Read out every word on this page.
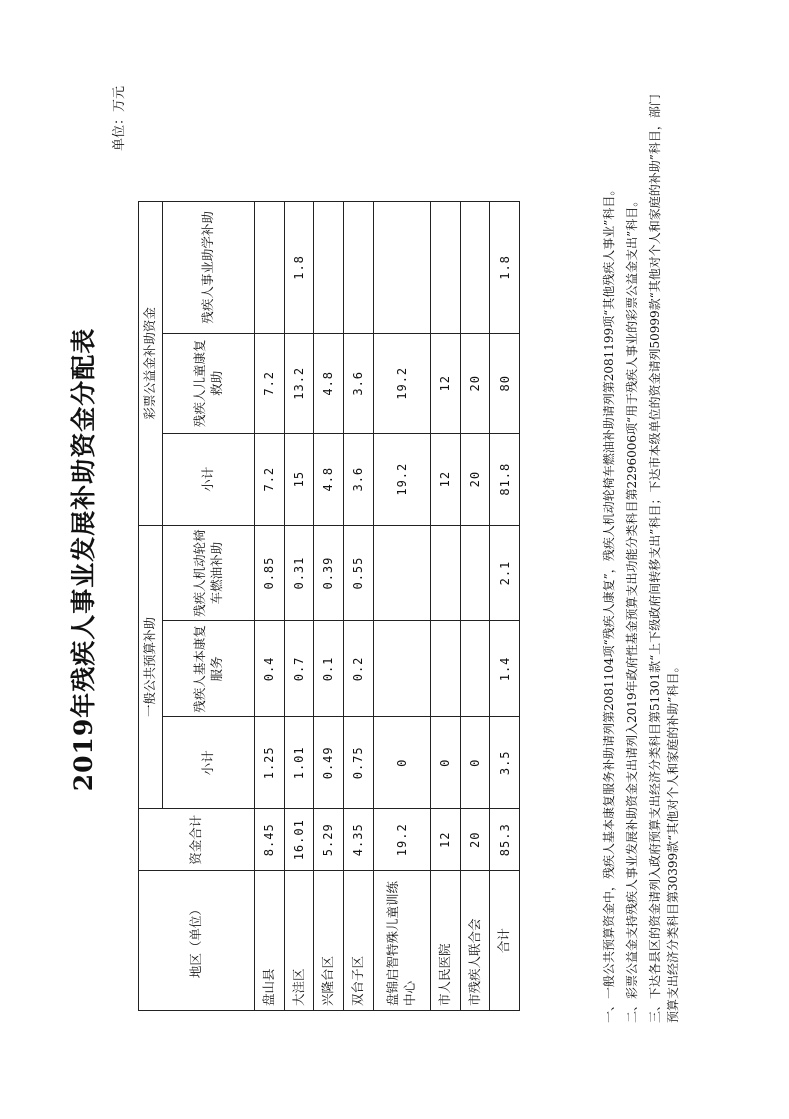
2019年残疾人事业发展补助资金分配表
单位：万元
地区（单位）	资金合计	一般公共预算补助			彩票公益金补助资金		
		小计	残疾人基本康复服务	残疾人机动轮椅车燃油补助	小计	残疾人儿童康复救助	残疾人事业助学补助
盘山县	8.45	1.25	0.4	0.85	7.2	7.2	
大洼区	16.01	1.01	0.7	0.31	15	13.2	1.8
兴隆台区	5.29	0.49	0.1	0.39	4.8	4.8	
双台子区	4.35	0.75	0.2	0.55	3.6	3.6	
盘锦启智特殊儿童训练中心	19.2	0			19.2	19.2	
市人民医院	12	0			12	12	
市残疾人联合会	20	0			20	20	
合计	85.3	3.5	1.4	2.1	81.8	80	1.8	一、一般公共预算资金中，残疾人基本康复服务补助请列第2081104项“残疾人康复”，残疾人机动轮椅车燃油补助请列第2081199项“其他残疾人事业”科目。 二、彩票公益金支持残疾人事业发展补助资金支出请列入2019年政府性基金预算支出功能分类科目第2296006项“用于残疾人事业的彩票公益金支出”科目。 三、下达各县区的资金请列入政府预算支出经济分类科目第51301款“上下级政府间转移支出”科目；下达市本级单位的资金请列50999款“其他对个人和家庭的补助”科目，部门预算支出经济分类科目第30399款“其他对个人和家庭的补助”科目。
